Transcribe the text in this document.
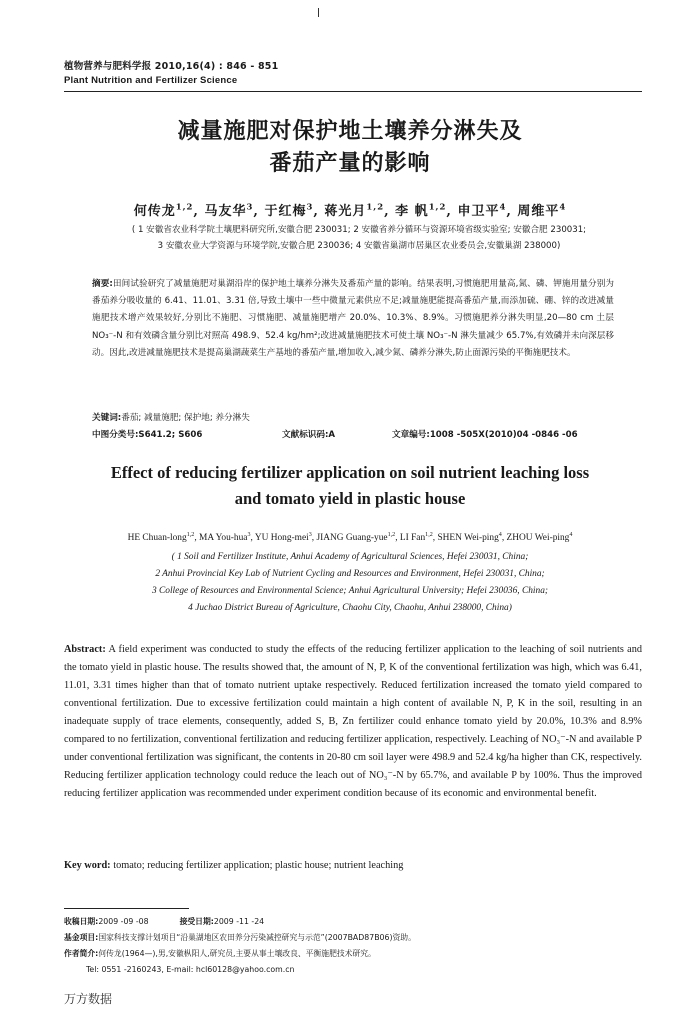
植物营养与肥料学报 2010,16(4) : 846 - 851
Plant Nutrition and Fertilizer Science
减量施肥对保护地土壤养分淋失及
番茄产量的影响
何传龙$^{1,2}$, 马友华$^3$, 于红梅$^3$, 蒋光月$^{1,2}$, 李 帆$^{1,2}$, 申卫平$^4$, 周维平$^4$
( 1 安徽省农业科学院土壤肥料研究所,安徽合肥 230031; 2 安徽省养分循环与资源环境省级实验室; 安徽合肥 230031;
3 安徽农业大学资源与环境学院,安徽合肥 230036; 4 安徽省巢湖市居巢区农业委员会,安徽巢湖 238000)
摘要:田间试验研究了减量施肥对巢湖沿岸的保护地土壤养分淋失及番茄产量的影响。结果表明,习惯施肥用量高,氮、磷、钾施用量分别为番茄养分吸收量的 6.41、11.01、3.31 倍,导致土壤中一些中微量元素供应不足;减量施肥能提高番茄产量,而添加硫、硼、锌的改进减量施肥技术增产效果较好,分别比不施肥、习惯施肥、减量施肥增产 20.0%、10.3%、8.9%。习惯施肥养分淋失明显,20—80 cm 土层 NO₃⁻-N 和有效磷含量分别比对照高 498.9、52.4 kg/hm²;改进减量施肥技术可使土壤 NO₃⁻-N 淋失量减少 65.7%,有效磷并未向深层移动。因此,改进减量施肥技术是提高巢湖蔬菜生产基地的番茄产量,增加收入,减少氮、磷养分淋失,防止面源污染的平衡施肥技术。
关键词:番茄; 减量施肥; 保护地; 养分淋失
中图分类号:S641.2; S606	文献标识码:A	文章编号:1008 -505X(2010)04 -0846 -06
Effect of reducing fertilizer application on soil nutrient leaching loss
and tomato yield in plastic house
HE Chuan-long$^{1,2}$, MA You-hua$^3$, YU Hong-mei$^3$, JIANG Guang-yue$^{1,2}$, LI Fan$^{1,2}$, SHEN Wei-ping$^4$, ZHOU Wei-ping$^4$
( 1 Soil and Fertilizer Institute, Anhui Academy of Agricultural Sciences, Hefei 230031, China;
2 Anhui Provincial Key Lab of Nutrient Cycling and Resources and Environment, Hefei 230031, China;
3 College of Resources and Environmental Science; Anhui Agricultural University; Hefei 230036, China;
4 Juchao District Bureau of Agriculture, Chaohu City, Chaohu, Anhui 238000, China)
Abstract: A field experiment was conducted to study the effects of the reducing fertilizer application to the leaching of soil nutrients and the tomato yield in plastic house. The results showed that, the amount of N, P, K of the conventional fertilization was high, which was 6.41, 11.01, 3.31 times higher than that of tomato nutrient uptake respectively. Reduced fertilization increased the tomato yield compared to conventional fertilization. Due to excessive fertilization could maintain a high content of available N, P, K in the soil, resulting in an inadequate supply of trace elements, consequently, added S, B, Zn fertilizer could enhance tomato yield by 20.0%, 10.3% and 8.9% compared to no fertilization, conventional fertilization and reducing fertilizer application, respectively. Leaching of NO₃⁻-N and available P under conventional fertilization was significant, the contents in 20-80 cm soil layer were 498.9 and 52.4 kg/ha higher than CK, respectively. Reducing fertilizer application technology could reduce the leach out of NO₃⁻-N by 65.7%, and available P by 100%. Thus the improved reducing fertilizer application was recommended under experiment condition because of its economic and environmental benefit.
Key word: tomato; reducing fertilizer application; plastic house; nutrient leaching
收稿日期:2009 -09 -08	接受日期:2009 -11 -24
基金项目:国家科技支撑计划项目“沿巢湖地区农田养分污染减控研究与示范”(2007BAD87B06)资助。
作者简介:何传龙(1964—),男,安徽枞阳人,研究员,主要从事土壤改良、平衡施肥技术研究。
Tel: 0551 -2160243, E-mail: hcl60128@yahoo.com.cn
万方数据
